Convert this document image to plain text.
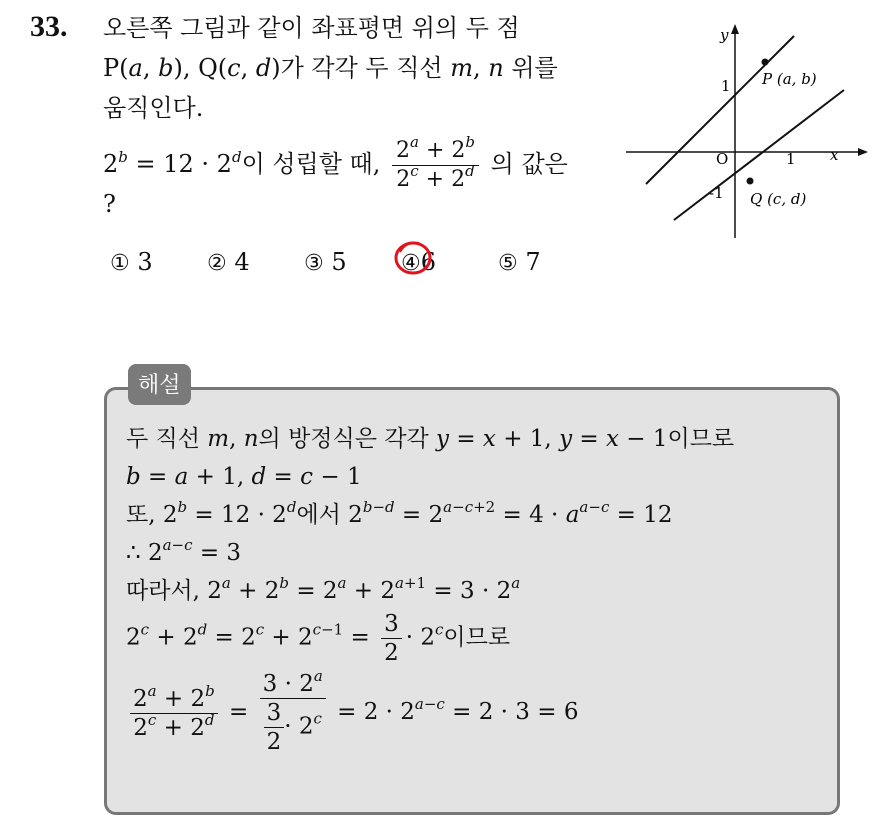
33. 오른쪽 그림과 같이 좌표평면 위의 두 점
P(a, b), Q(c, d)가 각각 두 직선 m, n 위를
움직인다.
$2^b = 12 \cdot 2^d$이 성립할 때, $\frac{2^a + 2^b}{2^c + 2^d}$ 의 값은
?
① 3	② 4	③ 5	④6	⑤ 7
y
x
O
1
-1
1
P (a, b)
Q (c, d)
해설
두 직선 m, n의 방정식은 각각 y = x + 1, y = x − 1이므로
b = a + 1, d = c − 1
또, $2^b = 12 \cdot 2^d$에서 $2^{b-d} = 2^{a-c+2} = 4 \cdot a^{a-c} = 12$
∴ $2^{a-c} = 3$
따라서, $2^a + 2^b = 2^a + 2^{a+1} = 3 \cdot 2^a$
$2^c + 2^d = 2^c + 2^{c-1} = \frac{3}{2} \cdot 2^c$이므로
$\frac{2^a + 2^b}{2^c + 2^d} = \frac{3 \cdot 2^a}{\frac{3}{2} \cdot 2^c} = 2 \cdot 2^{a-c} = 2 \cdot 3 = 6$
